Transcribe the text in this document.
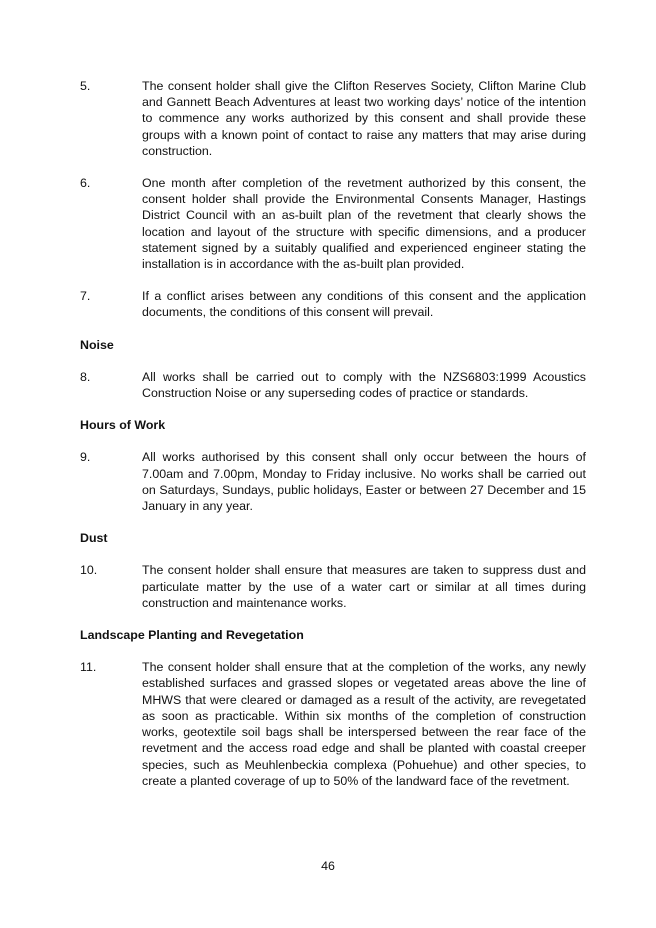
5.	The consent holder shall give the Clifton Reserves Society, Clifton Marine Club and Gannett Beach Adventures at least two working days’ notice of the intention to commence any works authorized by this consent and shall provide these groups with a known point of contact to raise any matters that may arise during construction.
6.	One month after completion of the revetment authorized by this consent, the consent holder shall provide the Environmental Consents Manager, Hastings District Council with an as-built plan of the revetment that clearly shows the location and layout of the structure with specific dimensions, and a producer statement signed by a suitably qualified and experienced engineer stating the installation is in accordance with the as-built plan provided.
7.	If a conflict arises between any conditions of this consent and the application documents, the conditions of this consent will prevail.
Noise
8.	All works shall be carried out to comply with the NZS6803:1999 Acoustics Construction Noise or any superseding codes of practice or standards.
Hours of Work
9.	All works authorised by this consent shall only occur between the hours of 7.00am and 7.00pm, Monday to Friday inclusive. No works shall be carried out on Saturdays, Sundays, public holidays, Easter or between 27 December and 15 January in any year.
Dust
10.	The consent holder shall ensure that measures are taken to suppress dust and particulate matter by the use of a water cart or similar at all times during construction and maintenance works.
Landscape Planting and Revegetation
11.	The consent holder shall ensure that at the completion of the works, any newly established surfaces and grassed slopes or vegetated areas above the line of MHWS that were cleared or damaged as a result of the activity, are revegetated as soon as practicable. Within six months of the completion of construction works, geotextile soil bags shall be interspersed between the rear face of the revetment and the access road edge and shall be planted with coastal creeper species, such as Meuhlenbeckia complexa (Pohuehue) and other species, to create a planted coverage of up to 50% of the landward face of the revetment.
46
